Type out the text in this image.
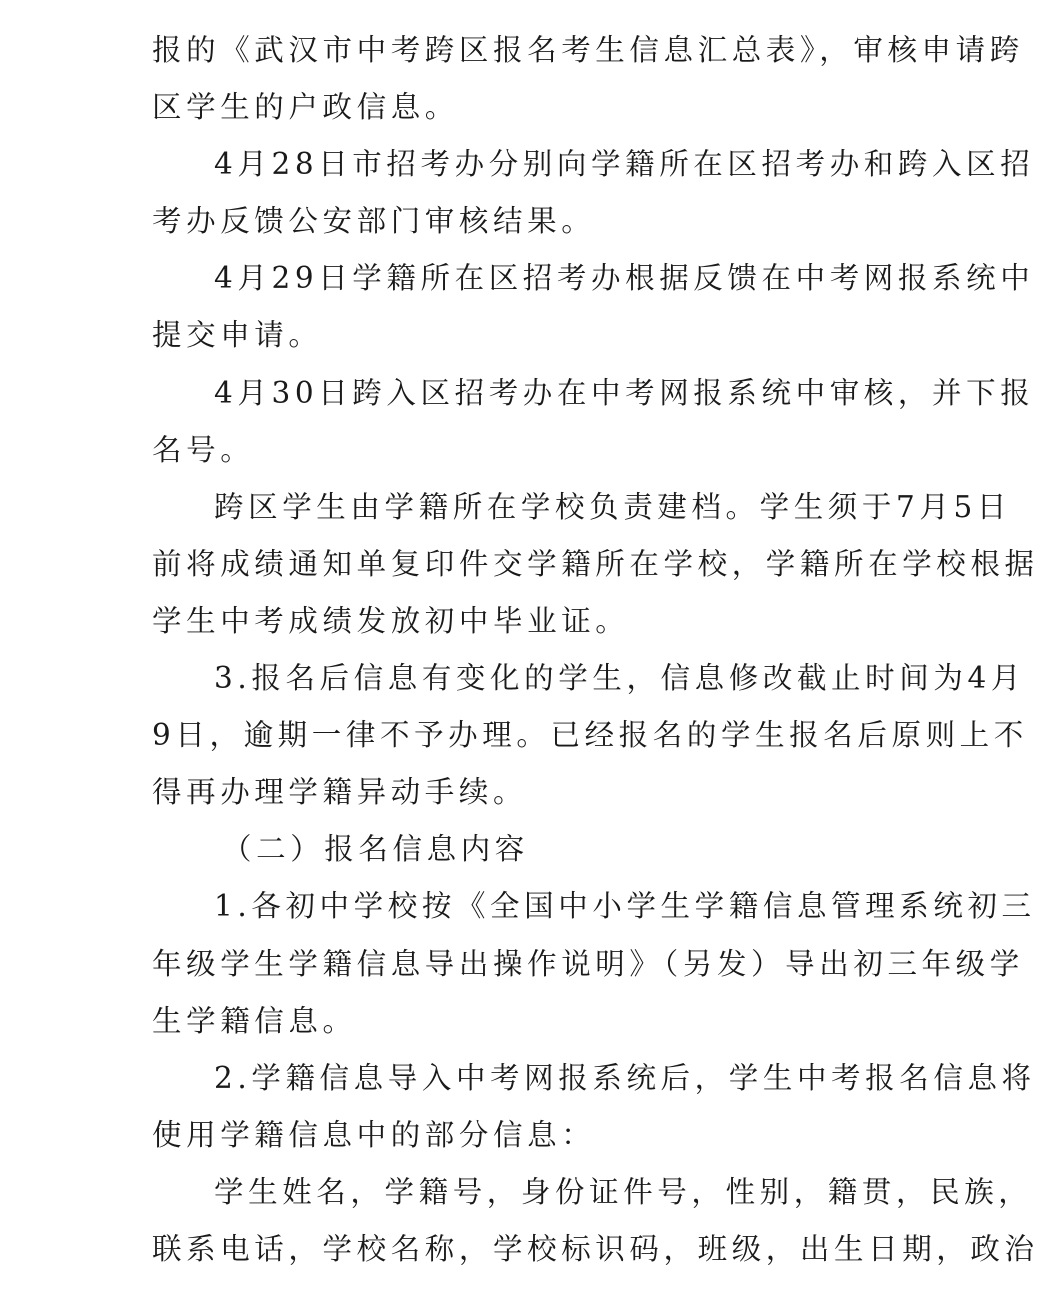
报的《武汉市中考跨区报名考生信息汇总表》，审核申请跨
区学生的户政信息。
4月28日市招考办分别向学籍所在区招考办和跨入区招
考办反馈公安部门审核结果。
4月29日学籍所在区招考办根据反馈在中考网报系统中
提交申请。
4月30日跨入区招考办在中考网报系统中审核，并下报
名号。
跨区学生由学籍所在学校负责建档。学生须于7月5日
前将成绩通知单复印件交学籍所在学校，学籍所在学校根据
学生中考成绩发放初中毕业证。
3.报名后信息有变化的学生，信息修改截止时间为4月
9日，逾期一律不予办理。已经报名的学生报名后原则上不
得再办理学籍异动手续。
（二）报名信息内容
1.各初中学校按《全国中小学生学籍信息管理系统初三
年级学生学籍信息导出操作说明》（另发）导出初三年级学
生学籍信息。
2.学籍信息导入中考网报系统后，学生中考报名信息将
使用学籍信息中的部分信息：
学生姓名，学籍号，身份证件号，性别，籍贯，民族，
联系电话，学校名称，学校标识码，班级，出生日期，政治
